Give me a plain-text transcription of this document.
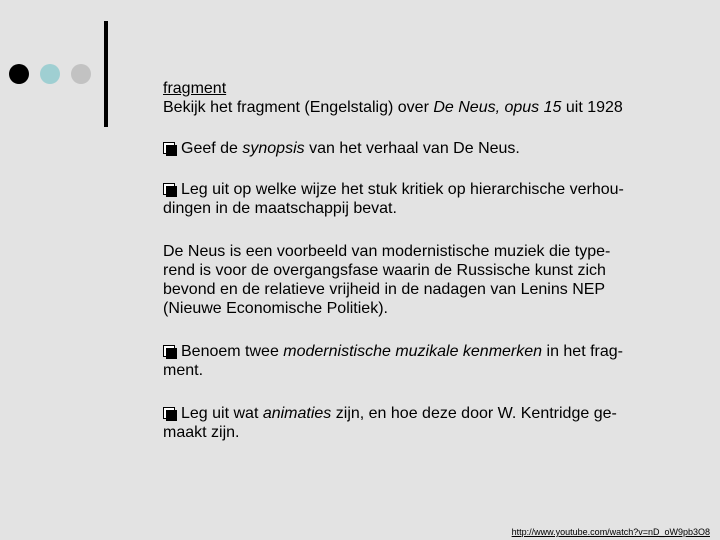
fragment

Bekijk het fragment (Engelstalig) over De Neus, opus 15 uit 1928

Geef de synopsis van het verhaal van De Neus.

Leg uit op welke wijze het stuk kritiek op hierarchische verhou-
dingen in de maatschappij bevat.

De Neus is een voorbeeld van modernistische muziek die type-
rend is voor de overgangsfase waarin de Russische kunst zich
bevond en de relatieve vrijheid in de nadagen van Lenins NEP
(Nieuwe Economische Politiek).

Benoem twee modernistische muzikale kenmerken in het frag-
ment.

Leg uit wat animaties zijn, en hoe deze door W. Kentridge ge-
maakt zijn.

http://www.youtube.com/watch?v=nD_oW9pb3O8
